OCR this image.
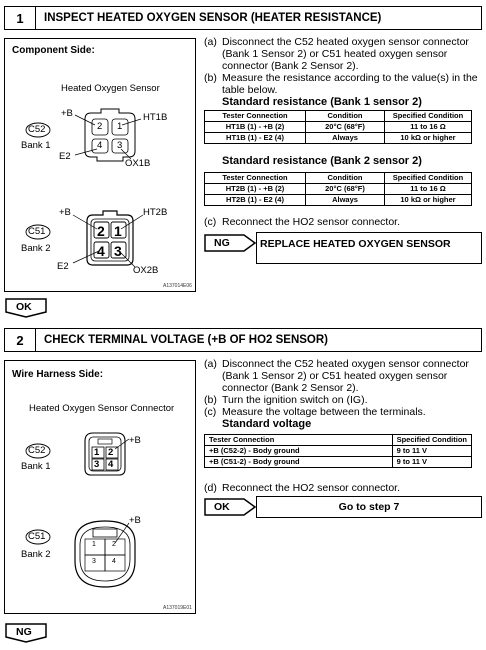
1	INSPECT HEATED OXYGEN SENSOR (HEATER RESISTANCE)
Component Side:
Heated Oxygen Sensor
+B	HT1B
E2
OX1B
C52
Bank 1
2 1
4 3
+B	HT2B
E2	OX2B
C51
Bank 2
2 1
4 3
A137014E06
(a) Disconnect the C52 heated oxygen sensor connector
(Bank 1 Sensor 2) or C51 heated oxygen sensor
connector (Bank 2 Sensor 2).
(b) Measure the resistance according to the value(s) in the
table below.
Standard resistance (Bank 1 sensor 2)
Tester Connection	Condition	Specified Condition
HT1B (1) - +B (2)	20°C (68°F)	11 to 16 Ω
HT1B (1) - E2 (4)	Always	10 kΩ or higher
Standard resistance (Bank 2 sensor 2)
Tester Connection	Condition	Specified Condition
HT2B (1) - +B (2)	20°C (68°F)	11 to 16 Ω
HT2B (1) - E2 (4)	Always	10 kΩ or higher
(c) Reconnect the HO2 sensor connector.
NG	REPLACE HEATED OXYGEN SENSOR
OK
2	CHECK TERMINAL VOLTAGE (+B OF HO2 SENSOR)
Wire Harness Side:
Heated Oxygen Sensor Connector
+B
C52
Bank 1
1 2
3 4
+B
C51
Bank 2
1 2
3 4
A137019E01
(a) Disconnect the C52 heated oxygen sensor connector
(Bank 1 Sensor 2) or C51 heated oxygen sensor
connector (Bank 2 Sensor 2).
(b) Turn the ignition switch on (IG).
(c) Measure the voltage between the terminals.
Standard voltage
Tester Connection	Specified Condition
+B (C52-2) - Body ground	9 to 11 V
+B (C51-2) - Body ground	9 to 11 V
(d) Reconnect the HO2 sensor connector.
OK	Go to step 7
NG
